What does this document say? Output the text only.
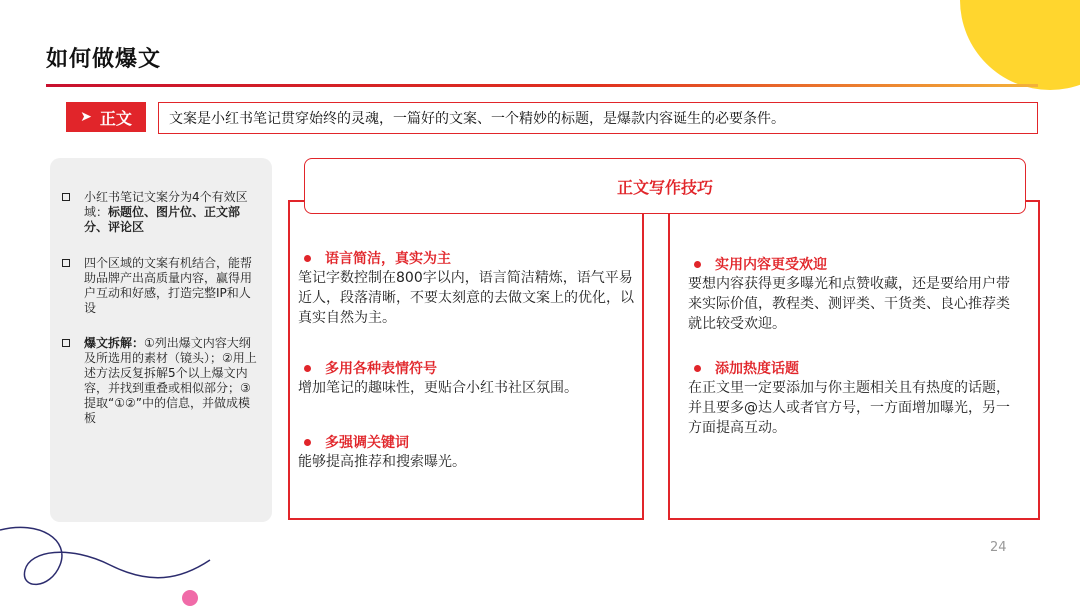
如何做爆文
➤ 正文	文案是小红书笔记贯穿始终的灵魂，一篇好的文案、一个精妙的标题，是爆款内容诞生的必要条件。
小红书笔记文案分为4个有效区域：标题位、图片位、正文部分、评论区
四个区域的文案有机结合，能帮助品牌产出高质量内容，赢得用 户互动和好感，打造完整IP和人设
爆文拆解：①列出爆文内容大纲及所选用的素材（镜头）；②用上述方法反复拆解5个以上爆文内容，并找到重叠或相似部分；③提取“①②”中的信息，并做成模板
正文写作技巧
语言简洁，真实为主
笔记字数控制在800字以内，语言简洁精炼，语气平易近人，段落清晰，不要太刻意的去做文案上的优化，以真实自然为主。
多用各种表情符号
增加笔记的趣味性，更贴合小红书社区氛围。
多强调关键词
能够提高推荐和搜索曝光。
实用内容更受欢迎
要想内容获得更多曝光和点赞收藏，还是要给用户带来实际价值，教程类、测评类、干货类、良心推荐类就比较受欢迎。
添加热度话题
在正文里一定要添加与你主题相关且有热度的话题，并且要多@达人或者官方号，一方面增加曝光，另一方面提高互动。
24
